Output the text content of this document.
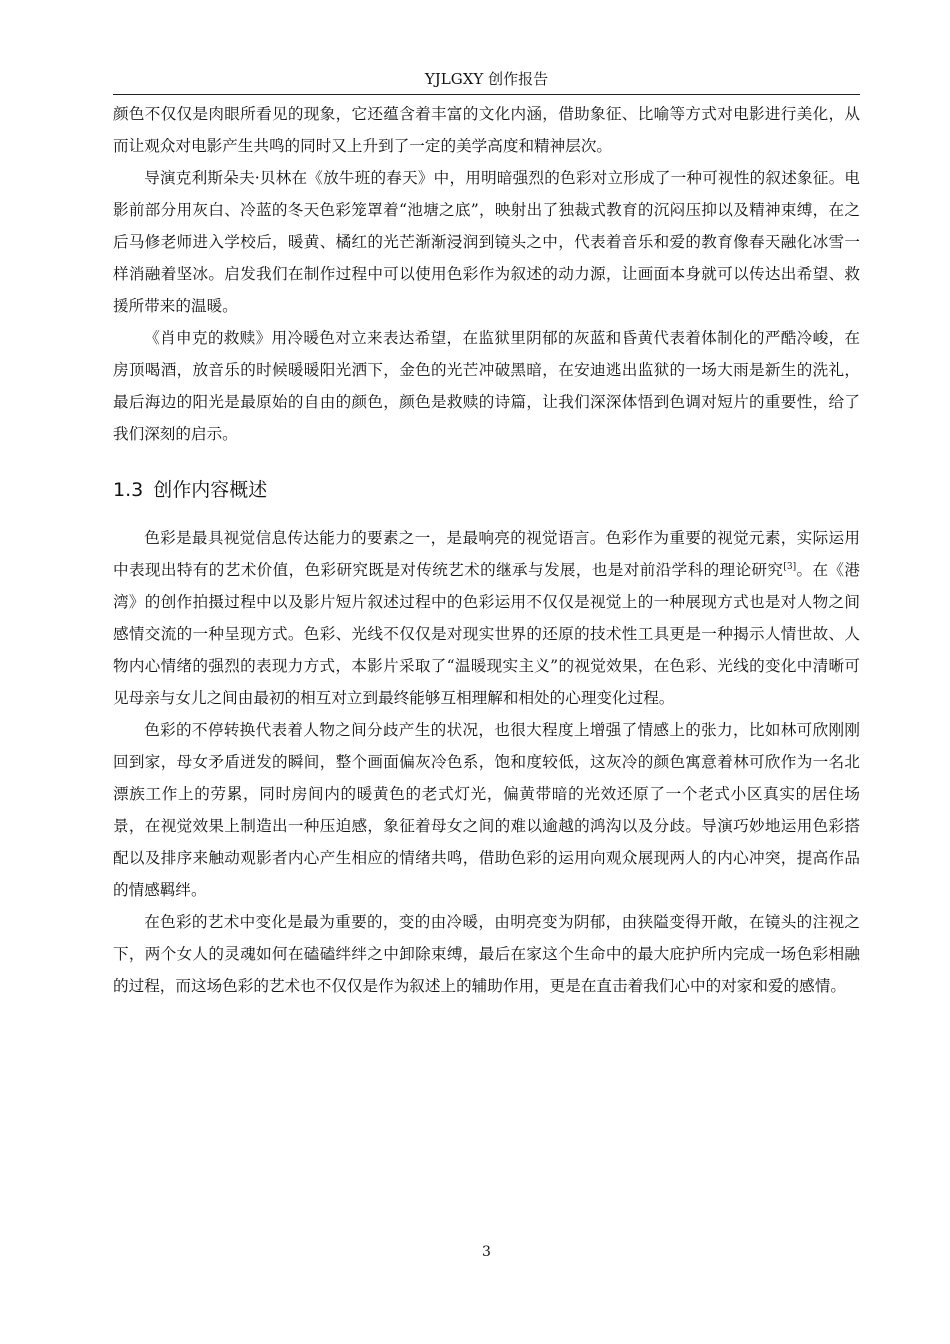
YJLGXY 创作报告

颜色不仅仅是肉眼所看见的现象，它还蕴含着丰富的文化内涵，借助象征、比喻等方式对电影进行美化，从而让观众对电影产生共鸣的同时又上升到了一定的美学高度和精神层次。

导演克利斯朵夫·贝林在《放牛班的春天》中，用明暗强烈的色彩对立形成了一种可视性的叙述象征。电影前部分用灰白、冷蓝的冬天色彩笼罩着“池塘之底”，映射出了独裁式教育的沉闷压抑以及精神束缚，在之后马修老师进入学校后，暖黄、橘红的光芒渐渐浸润到镜头之中，代表着音乐和爱的教育像春天融化冰雪一样消融着坚冰。启发我们在制作过程中可以使用色彩作为叙述的动力源，让画面本身就可以传达出希望、救援所带来的温暖。

《肖申克的救赎》用冷暖色对立来表达希望，在监狱里阴郁的灰蓝和昏黄代表着体制化的严酷冷峻，在房顶喝酒，放音乐的时候暖暖阳光洒下，金色的光芒冲破黑暗，在安迪逃出监狱的一场大雨是新生的洗礼，最后海边的阳光是最原始的自由的颜色，颜色是救赎的诗篇，让我们深深体悟到色调对短片的重要性，给了我们深刻的启示。

1.3 创作内容概述

色彩是最具视觉信息传达能力的要素之一，是最响亮的视觉语言。色彩作为重要的视觉元素，实际运用中表现出特有的艺术价值，色彩研究既是对传统艺术的继承与发展，也是对前沿学科的理论研究[3]。在《港湾》的创作拍摄过程中以及影片短片叙述过程中的色彩运用不仅仅是视觉上的一种展现方式也是对人物之间感情交流的一种呈现方式。色彩、光线不仅仅是对现实世界的还原的技术性工具更是一种揭示人情世故、人物内心情绪的强烈的表现力方式，本影片采取了“温暖现实主义”的视觉效果，在色彩、光线的变化中清晰可见母亲与女儿之间由最初的相互对立到最终能够互相理解和相处的心理变化过程。

色彩的不停转换代表着人物之间分歧产生的状况，也很大程度上增强了情感上的张力，比如林可欣刚刚回到家，母女矛盾迸发的瞬间，整个画面偏灰冷色系，饱和度较低，这灰冷的颜色寓意着林可欣作为一名北漂族工作上的劳累，同时房间内的暖黄色的老式灯光，偏黄带暗的光效还原了一个老式小区真实的居住场景，在视觉效果上制造出一种压迫感，象征着母女之间的难以逾越的鸿沟以及分歧。导演巧妙地运用色彩搭配以及排序来触动观影者内心产生相应的情绪共鸣，借助色彩的运用向观众展现两人的内心冲突，提高作品的情感羁绊。

在色彩的艺术中变化是最为重要的，变的由冷暖，由明亮变为阴郁，由狭隘变得开敞，在镜头的注视之下，两个女人的灵魂如何在磕磕绊绊之中卸除束缚，最后在家这个生命中的最大庇护所内完成一场色彩相融的过程，而这场色彩的艺术也不仅仅是作为叙述上的辅助作用，更是在直击着我们心中的对家和爱的感情。

3
